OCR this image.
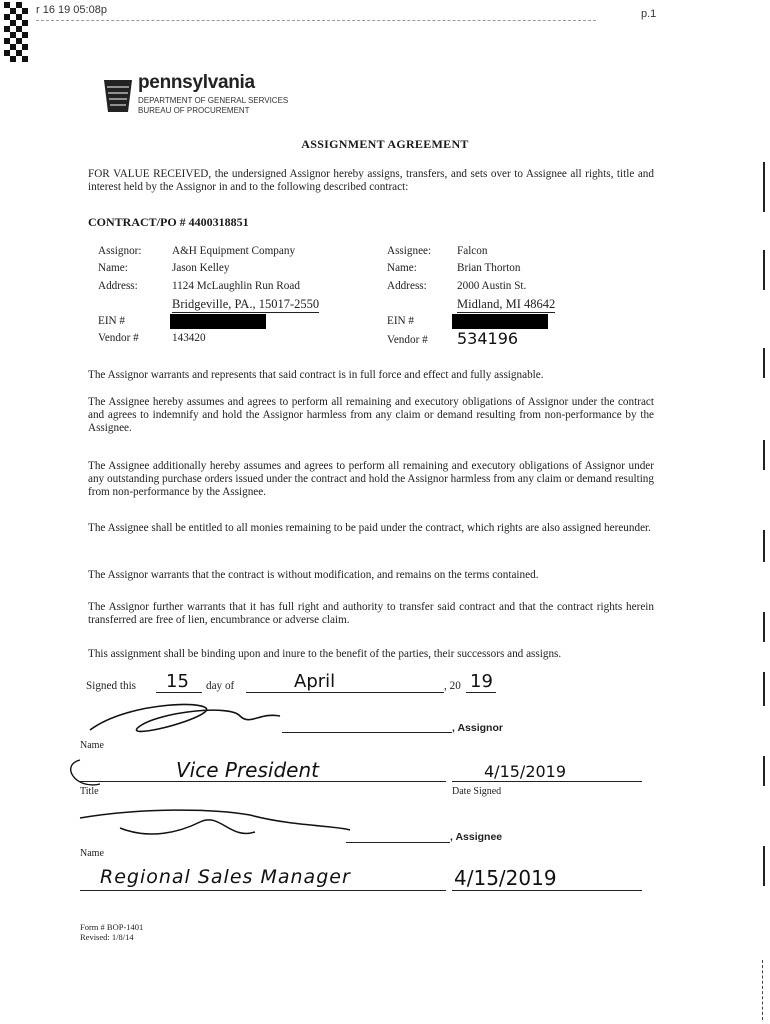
r 16 19 05:08p	p.1
pennsylvania
DEPARTMENT OF GENERAL SERVICES
BUREAU OF PROCUREMENT
ASSIGNMENT AGREEMENT
FOR VALUE RECEIVED, the undersigned Assignor hereby assigns, transfers, and sets over to Assignee all rights, title and interest held by the Assignor in and to the following described contract:
CONTRACT/PO # 4400318851
Assignor:	A&H Equipment Company
Name:	Jason Kelley
Address:	1124 McLaughlin Run Road
Bridgeville, PA., 15017-2550
EIN #
Vendor #	143420
Assignee: Falcon
Name:	Brian Thorton
Address:	2000 Austin St.
Midland, MI 48642
EIN #
Vendor # 534196
The Assignor warrants and represents that said contract is in full force and effect and fully assignable.
The Assignee hereby assumes and agrees to perform all remaining and executory obligations of Assignor under the contract and agrees to indemnify and hold the Assignor harmless from any claim or demand resulting from non-performance by the Assignee.
The Assignee additionally hereby assumes and agrees to perform all remaining and executory obligations of Assignor under any outstanding purchase orders issued under the contract and hold the Assignor harmless from any claim or demand resulting from non-performance by the Assignee.
The Assignee shall be entitled to all monies remaining to be paid under the contract, which rights are also assigned hereunder.
The Assignor warrants that the contract is without modification, and remains on the terms contained.
The Assignor further warrants that it has full right and authority to transfer said contract and that the contract rights herein transferred are free of lien, encumbrance or adverse claim.
This assignment shall be binding upon and inure to the benefit of the parties, their successors and assigns.
Signed this 15 day of	April	, 20 19
, Assignor
Name
Vice President
Title
4/15/2019
Date Signed
, Assignee
Name
Regional Sales Manager	4/15/2019
Form # BOP-1401
Revised: 1/8/14
